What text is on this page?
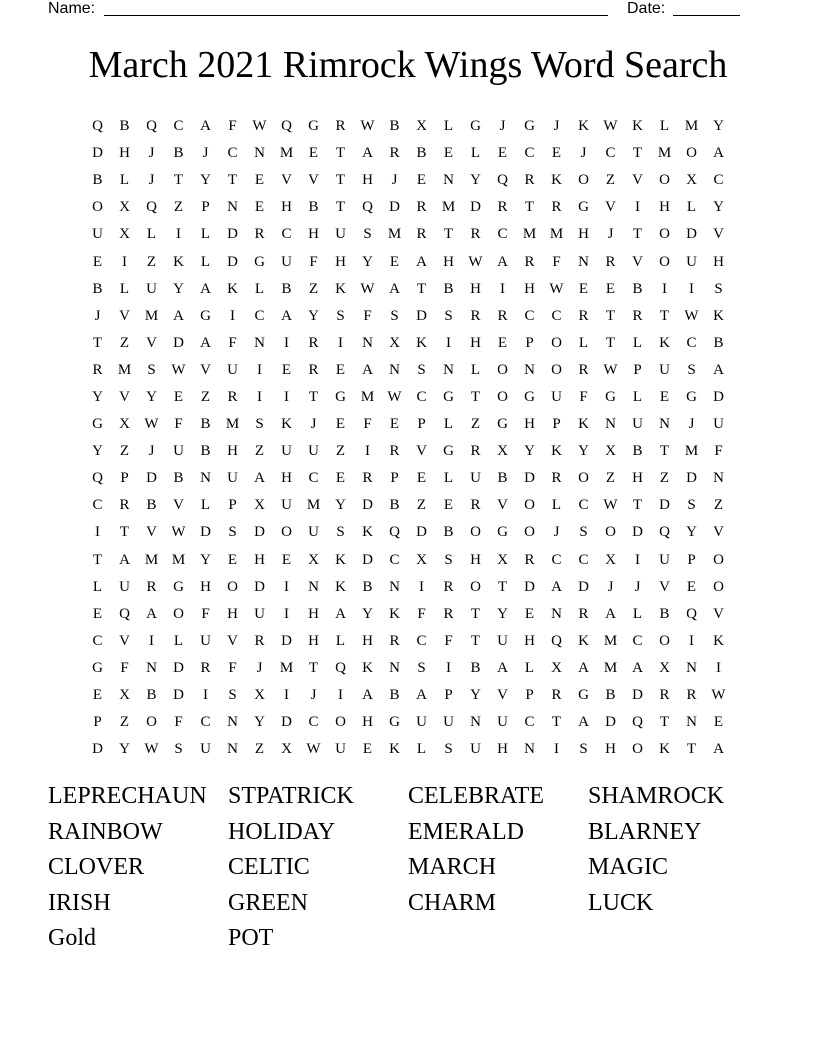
Name:	Date:
March 2021 Rimrock Wings Word Search
Q	B	Q	C	A	F	W Q	G	R W B	X	L	G	J	G	J	K W K	L	M Y
D	H	J	B	J	C	N M	E	T	A	R	B	E	L	E	C	E	J	C	T	M O	A
B	L	J	T	Y	T	E	V	V	T	H	J	E	N	Y	Q	R	K	O	Z	V	O	X	C
O	X	Q	Z	P	N	E	H	B	T	Q	D	R	M D	R	T	R	G	V	I	H	L	Y
U	X	L	I	L	D	R	C	H	U	S	M	R	T	R	C	M M H	J	T	O	D	V
E	I	Z	K	L	D	G	U	F	H	Y	E	A	H W A	R	F	N	R	V	O	U	H
B	L	U	Y	A	K	L	B	Z	K W A	T	B	H	I	H W	E	E	B	I	I	S
J	V M A	G	I	C	A	Y	S	F	S	D	S	R	R	C	C	R	T	R	T	W K
T	Z	V	D	A	F	N	I	R	I	N	X	K	I	H	E	P	O	L	T	L	K	C	B
R	M	S	W V	U	I	E	R	E	A	N	S	N	L	O	N	O	R W	P	U	S	A
Y	V	Y	E	Z	R	I	I	T	G M W C	G	T	O	G	U	F	G	L	E	G	D
G	X W	F	B	M	S	K	J	E	F	E	P	L	Z	G	H	P	K	N	U	N	J	U
Y	Z	J	U	B	H	Z	U	U	Z	I	R	V	G	R	X	Y	K	Y	X	B	T	M	F
Q	P	D	B	N	U	A	H	C	E	R	P	E	L	U	B	D	R	O	Z	H	Z	D	N
C	R	B	V	L	P	X	U M Y	D	B	Z	E	R	V	O	L	C W	T	D	S	Z
I	T	V W D	S	D	O	U	S	K	Q	D	B	O	G	O	J	S	O	D	Q	Y	V
T	A M M Y	E	H	E	X	K	D	C	X	S	H	X	R	C	C	X	I	U	P	O
L	U	R	G	H	O	D	I	N	K	B	N	I	R	O	T	D	A	D	J	J	V	E	O
E	Q	A	O	F	H	U	I	H	A	Y	K	F	R	T	Y	E	N	R	A	L	B	Q	V
C	V	I	L	U	V	R	D	H	L	H	R	C	F	T	U	H	Q	K M	C	O	I	K
G	F	N	D	R	F	J	M	T	Q	K	N	S	I	B	A	L	X	A M A	X	N	I
E	X	B	D	I	S	X	I	J	I	A	B	A	P	Y	V	P	R	G	B	D	R	R W
P	Z	O	F	C	N	Y	D	C	O	H	G	U	U	N	U	C	T	A	D	Q	T	N	E
D	Y W	S	U	N	Z	X W U	E	K	L	S	U	H	N	I	S	H	O	K	T	A
LEPRECHAUN STPATRICK	CELEBRATE	SHAMROCK
RAINBOW	HOLIDAY	EMERALD	BLARNEY
CLOVER	CELTIC	MARCH	MAGIC
IRISH	GREEN	CHARM	LUCK
Gold	POT
